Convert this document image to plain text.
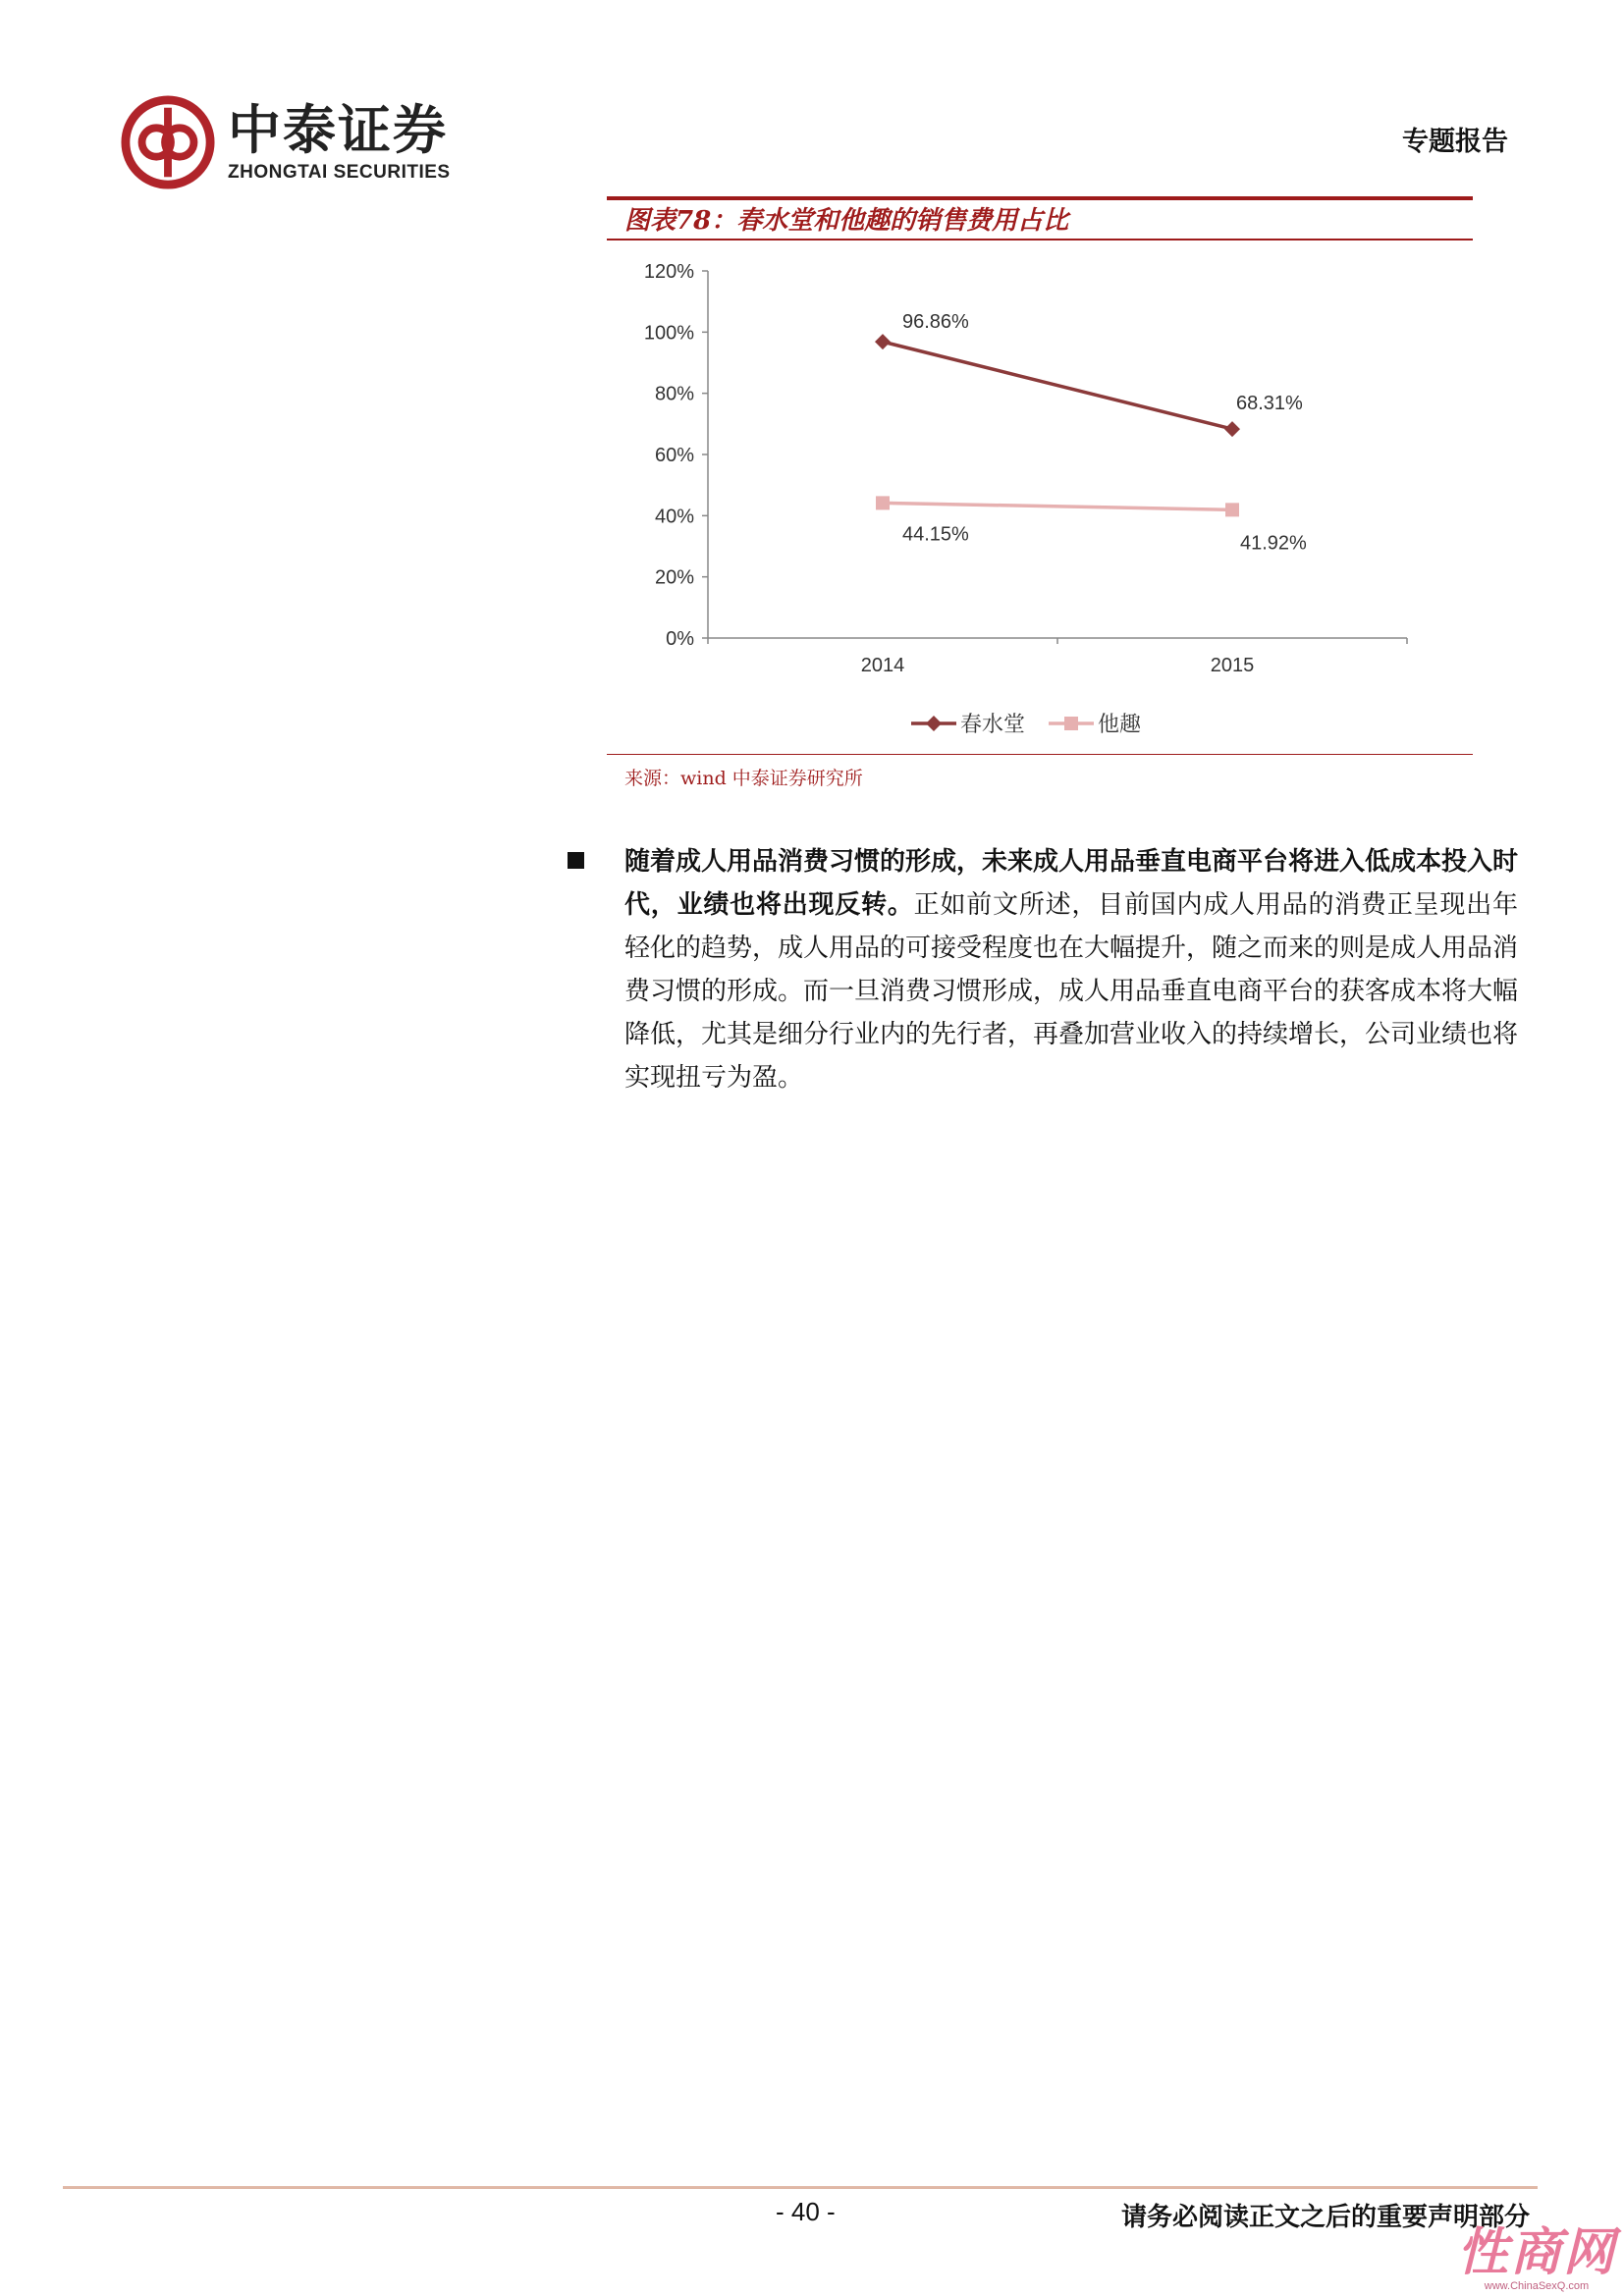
中泰证券
ZHONGTAI SECURITIES
专题报告
图表78：春水堂和他趣的销售费用占比
0%
20%
40%
60%
80%
100%
120%
2014	2015
96.86%
68.31%
44.15%	41.92%
春水堂	他趣
来源：wind 中泰证券研究所
随着成人用品消费习惯的形成，未来成人用品垂直电商平台将进入低成本投入时代，业绩也将出现反转。正如前文所述，目前国内成人用品的消费正呈现出年轻化的趋势，成人用品的可接受程度也在大幅提升，随之而来的则是成人用品消费习惯的形成。而一旦消费习惯形成，成人用品垂直电商平台的获客成本将大幅降低，尤其是细分行业内的先行者，再叠加营业收入的持续增长，公司业绩也将实现扭亏为盈。
- 40 -	请务必阅读正文之后的重要声明部分
性商网
www.ChinaSexQ.com
